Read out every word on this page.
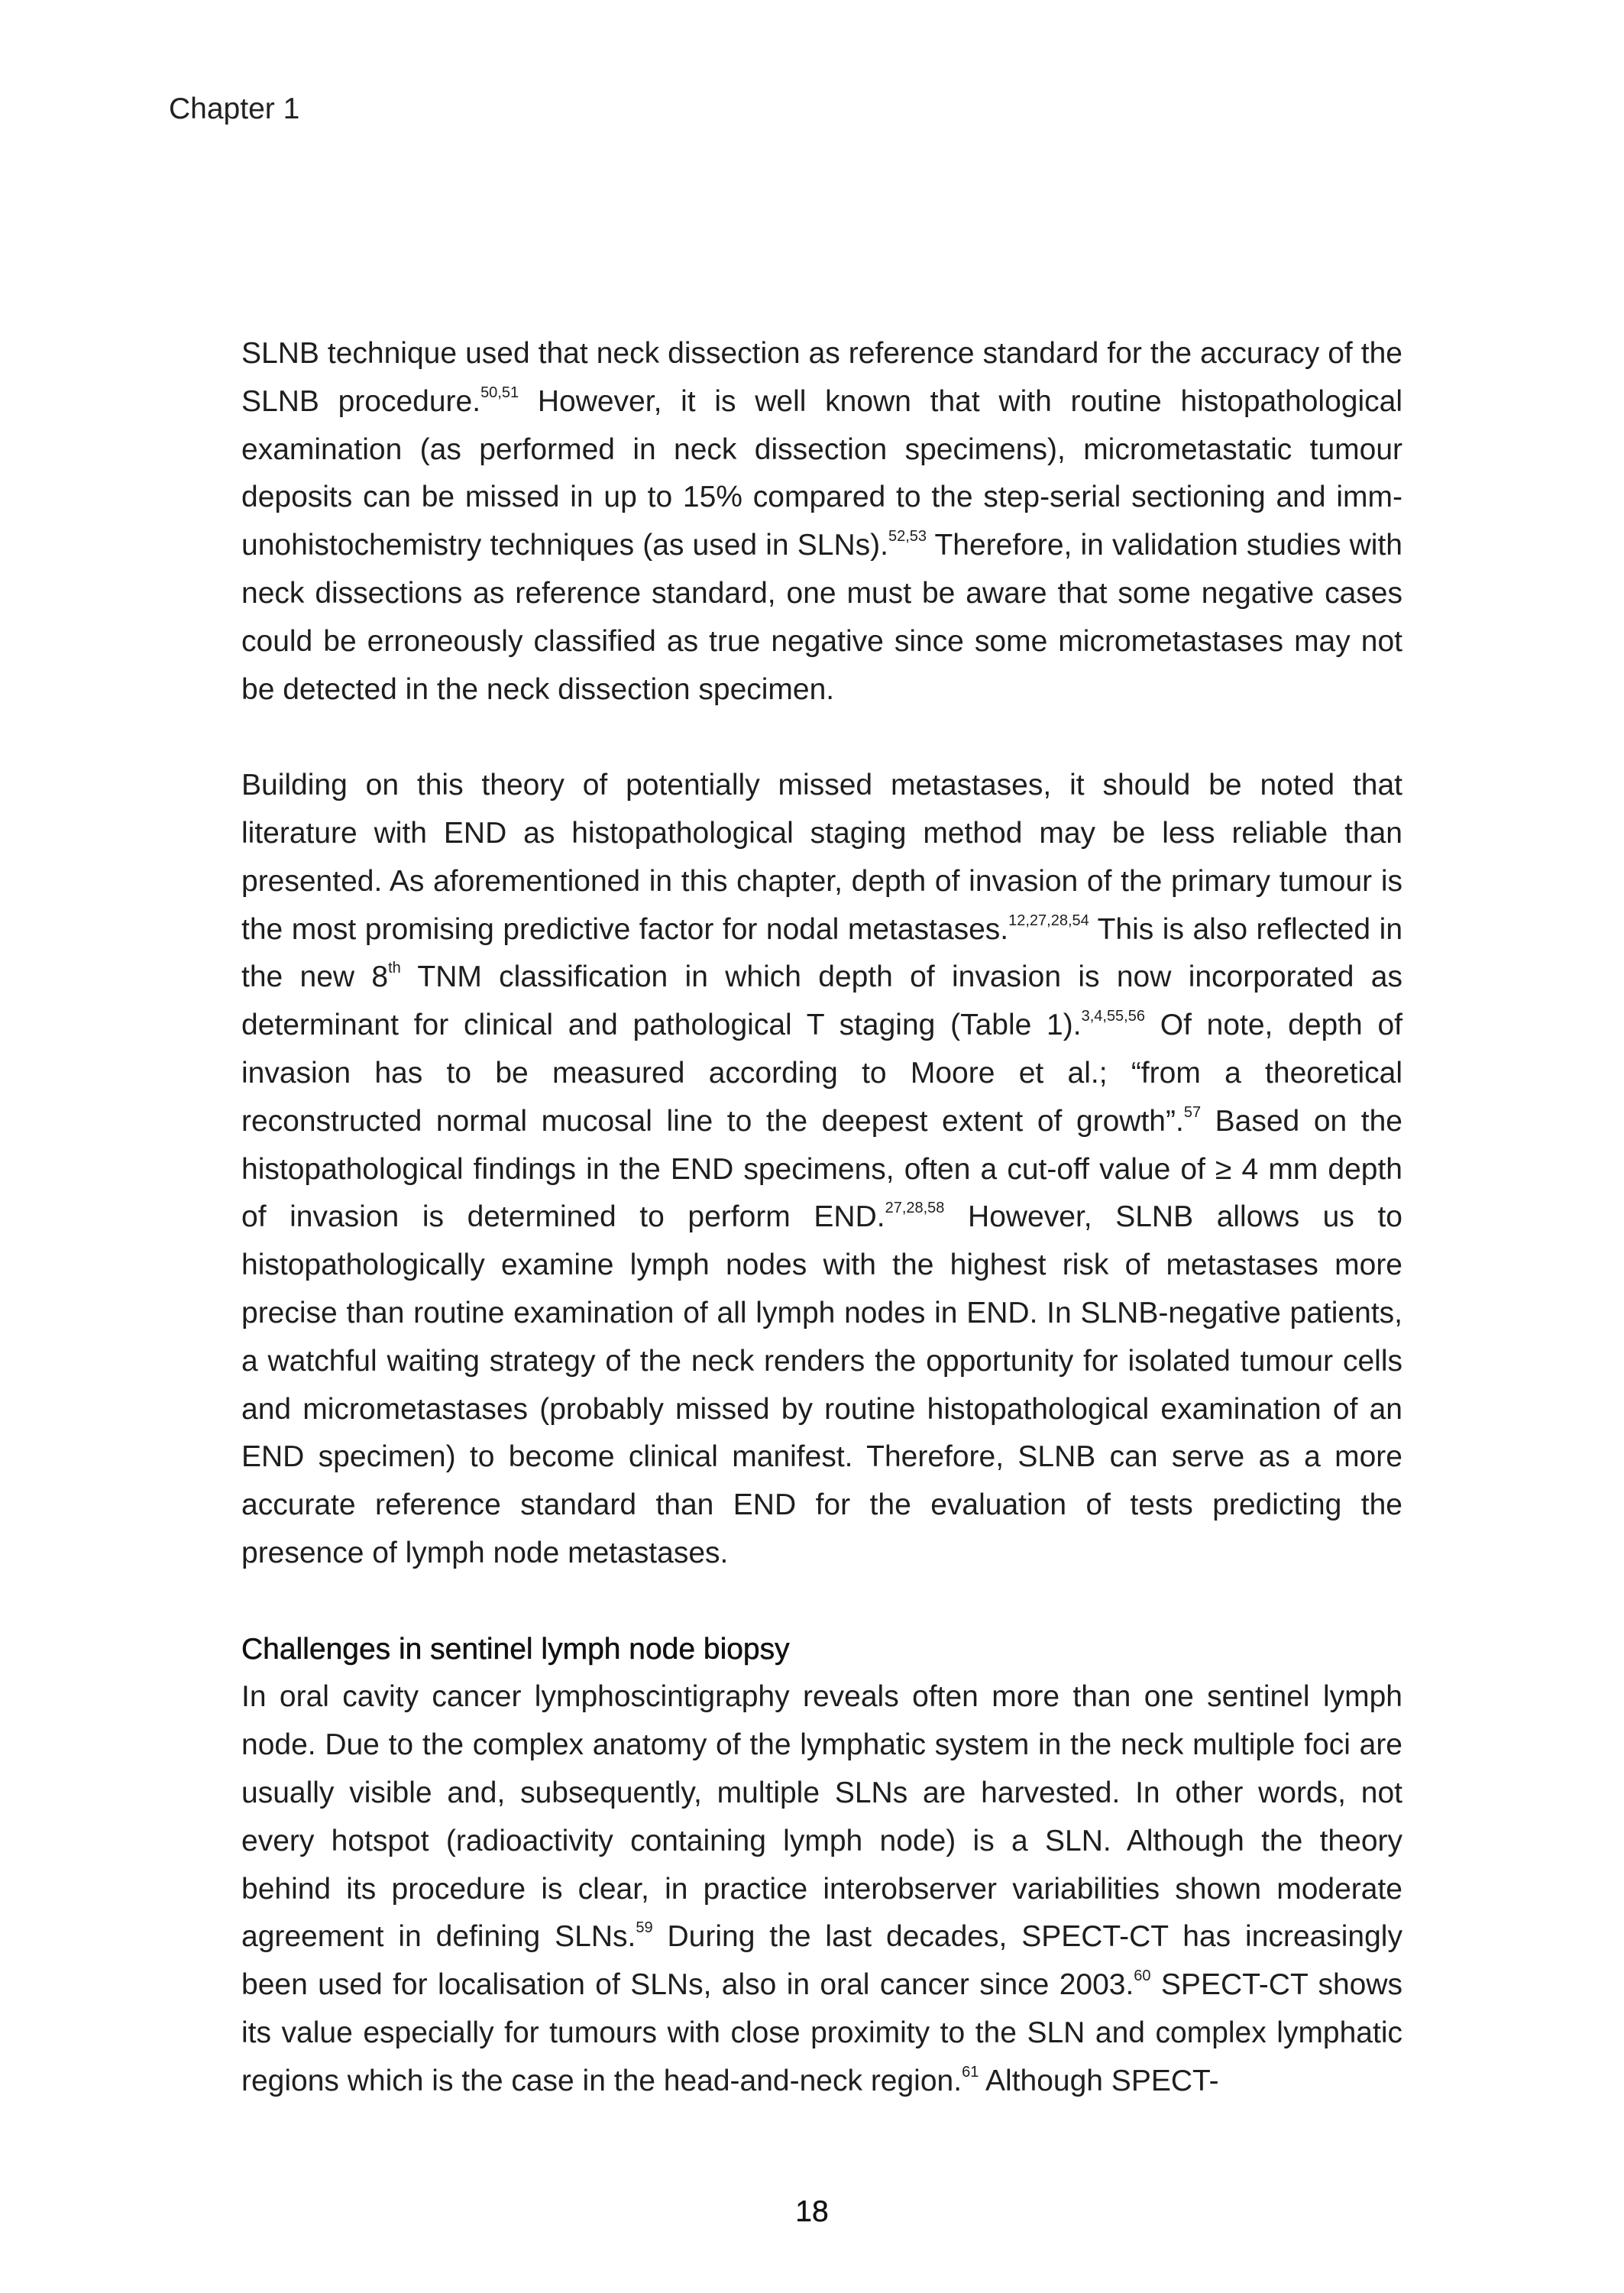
Chapter 1

SLNB technique used that neck dissection as reference standard for the accuracy of the SLNB procedure.$^{50,51}$ However, it is well known that with routine histopathological examination (as performed in neck dissection specimens), micrometastatic tumour deposits can be missed in up to 15% compared to the step-serial sectioning and imm-unohistochemistry techniques (as used in SLNs).$^{52,53}$ Therefore, in validation studies with neck dissections as reference standard, one must be aware that some negative cases could be erroneously classified as true negative since some micrometastases may not be detected in the neck dissection specimen.

Building on this theory of potentially missed metastases, it should be noted that literature with END as histopathological staging method may be less reliable than presented. As aforementioned in this chapter, depth of invasion of the primary tumour is the most promising predictive factor for nodal metastases.$^{12,27,28,54}$ This is also reflected in the new 8th TNM classification in which depth of invasion is now incorporated as determinant for clinical and pathological T staging (Table 1).$^{3,4,55,56}$ Of note, depth of invasion has to be measured according to Moore et al.; “from a theoretical reconstructed normal mucosal line to the deepest extent of growth”.$^{57}$ Based on the histopathological findings in the END specimens, often a cut-off value of ≥ 4 mm depth of invasion is determined to perform END.$^{27,28,58}$ However, SLNB allows us to histopathologically examine lymph nodes with the highest risk of metastases more precise than routine examination of all lymph nodes in END. In SLNB-negative patients, a watchful waiting strategy of the neck renders the opportunity for isolated tumour cells and micrometastases (probably missed by routine histopathological examination of an END specimen) to become clinical manifest. Therefore, SLNB can serve as a more accurate reference standard than END for the evaluation of tests predicting the presence of lymph node metastases.

Challenges in sentinel lymph node biopsy

In oral cavity cancer lymphoscintigraphy reveals often more than one sentinel lymph node. Due to the complex anatomy of the lymphatic system in the neck multiple foci are usually visible and, subsequently, multiple SLNs are harvested. In other words, not every hotspot (radioactivity containing lymph node) is a SLN. Although the theory behind its procedure is clear, in practice interobserver variabilities shown moderate agreement in defining SLNs.$^{59}$ During the last decades, SPECT-CT has increasingly been used for localisation of SLNs, also in oral cancer since 2003.60 SPECT-CT shows its value especially for tumours with close proximity to the SLN and complex lymphatic regions which is the case in the head-and-neck region.$^{61}$ Although SPECT-

18
